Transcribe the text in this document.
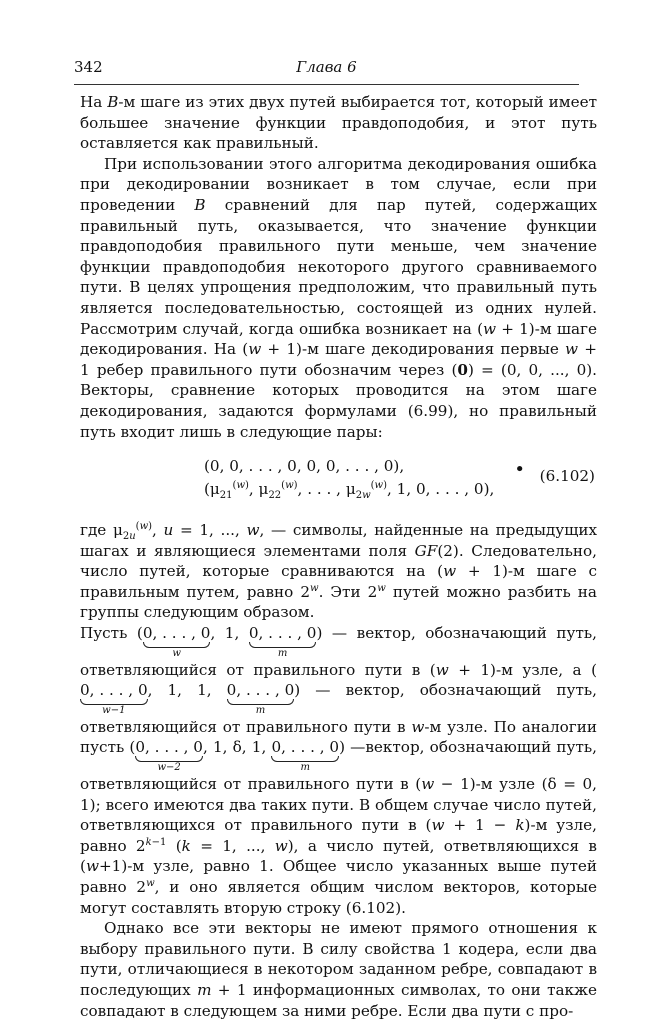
342	Глава 6

На B-м шаге из этих двух путей выбирается тот, который имеет большее значение функции правдоподобия, и этот путь оставляется как правильный.

При использовании этого алгоритма декодирования ошибка при декодировании возникает в том случае, если при проведении B сравнений для пар путей, содержащих правильный путь, оказывается, что значение функции правдоподобия правильного пути меньше, чем значение функции правдоподобия некоторого другого сравниваемого пути. В целях упрощения предположим, что правильный путь является последовательностью, состоящей из одних нулей. Рассмотрим случай, когда ошибка возникает на (w + 1)-м шаге декодирования. На (w + 1)-м шаге декодирования первые w + 1 ребер правильного пути обозначим через (0) = (0, 0, ..., 0). Векторы, сравнение которых проводится на этом шаге декодирования, задаются формулами (6.99), но правильный путь входит лишь в следующие пары:

(0, 0, . . . , 0, 0, 0, . . . , 0),
($\mu_{21}^{(w)}$, $\mu_{22}^{(w)}$, . . . , $\mu_{2w}^{(w)}$, 1, 0, . . . , 0),
• (6.102)

где $\mu_{2u}^{(w)}$, u = 1, ..., w, — символы, найденные на предыдущих шагах и являющиеся элементами поля GF(2). Следовательно, число путей, которые сравниваются на (w + 1)-м шаге с правильным путем, равно 2$^w$. Эти 2$^w$ путей можно разбить на группы следующим образом.

Пусть (0, . . . , 0
w
, 1, 0, . . . , 0
m
) — вектор, обозначающий путь, ответвляющийся от правильного пути в (w + 1)-м узле, а (0, . . . , 0
w−1
, 1, 1, 0, . . . , 0
m
) — вектор, обозначающий путь, ответвляющийся от правильного пути в w-м узле. По аналогии пусть (0, . . . , 0
w−2
, 1, δ, 1, 0, . . . , 0
m
) —вектор, обозначающий путь, ответвляющийся от правильного пути в (w − 1)-м узле (δ = 0, 1); всего имеются два таких пути. В общем случае число путей, ответвляющихся от правильного пути в (w + 1 − k)-м узле, равно $2^{k-1}$ (k = 1, ..., w), а число путей, ответвляющихся в (w+1)-м узле, равно 1. Общее число указанных выше путей равно 2$^w$, и оно является общим числом векторов, которые могут составлять вторую строку (6.102).

Однако все эти векторы не имеют прямого отношения к выбору правильного пути. В силу свойства 1 кодера, если два пути, отличающиеся в некотором заданном ребре, совпадают в последующих m + 1 информационных символах, то они также совпадают в следующем за ними ребре. Если два пути с про-
